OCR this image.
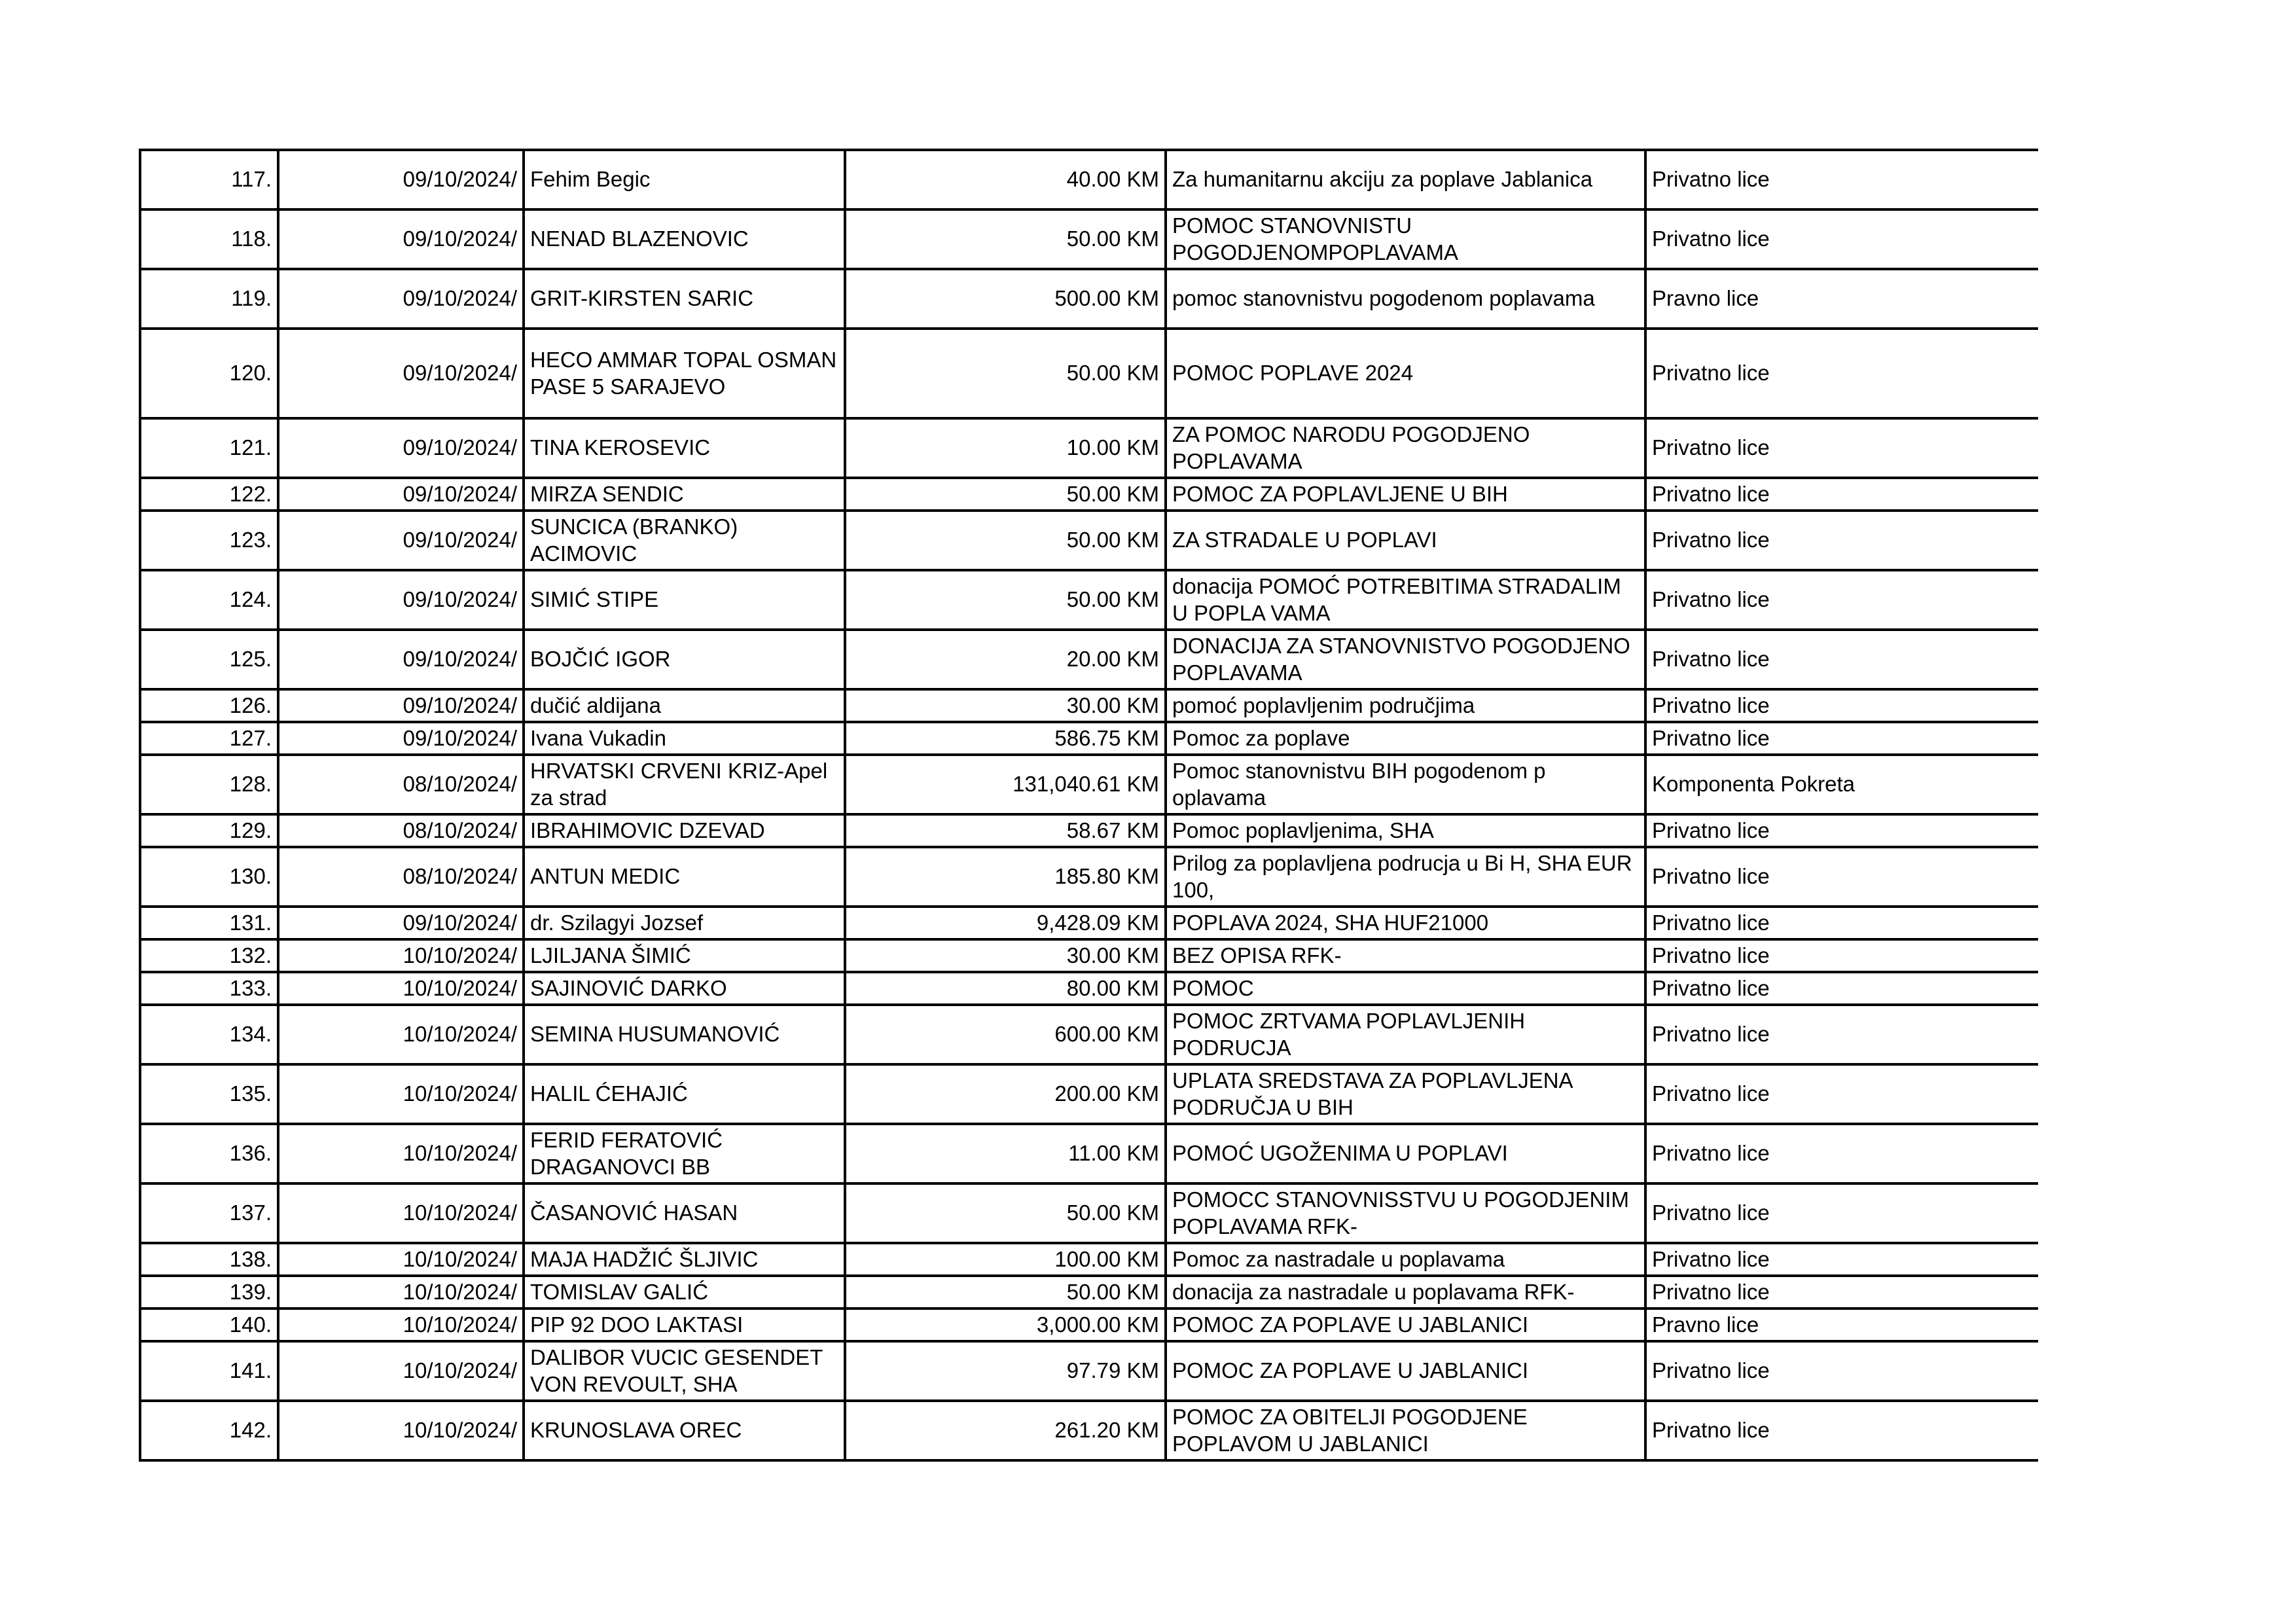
117.	09/10/2024/	Fehim Begic	40.00 KM	Za humanitarnu akciju za poplave Jablanica	Privatno lice
118.	09/10/2024/	NENAD BLAZENOVIC	50.00 KM	POMOC STANOVNISTU POGODJENOMPOPLAVAMA	Privatno lice
119.	09/10/2024/	GRIT-KIRSTEN SARIC	500.00 KM	pomoc stanovnistvu pogodenom poplavama	Pravno lice
120.	09/10/2024/	HECO AMMAR TOPAL OSMAN PASE 5 SARAJEVO	50.00 KM	POMOC POPLAVE 2024	Privatno lice
121.	09/10/2024/	TINA KEROSEVIC	10.00 KM	ZA POMOC NARODU POGODJENO POPLAVAMA	Privatno lice
122.	09/10/2024/	MIRZA SENDIC	50.00 KM	POMOC ZA POPLAVLJENE U BIH	Privatno lice
123.	09/10/2024/	SUNCICA (BRANKO) ACIMOVIC	50.00 KM	ZA STRADALE U POPLAVI	Privatno lice
124.	09/10/2024/	SIMIĆ STIPE	50.00 KM	donacija POMOĆ POTREBITIMA STRADALIM U POPLA VAMA	Privatno lice
125.	09/10/2024/	BOJČIĆ IGOR	20.00 KM	DONACIJA ZA STANOVNISTVO POGODJENO POPLAVAMA	Privatno lice
126.	09/10/2024/	dučić aldijana	30.00 KM	pomoć poplavljenim područjima	Privatno lice
127.	09/10/2024/	Ivana Vukadin	586.75 KM	Pomoc za poplave	Privatno lice
128.	08/10/2024/	HRVATSKI CRVENI KRIZ-Apel za strad	131,040.61 KM	Pomoc stanovnistvu BIH pogodenom p oplavama	Komponenta Pokreta
129.	08/10/2024/	IBRAHIMOVIC DZEVAD	58.67 KM	Pomoc poplavljenima, SHA	Privatno lice
130.	08/10/2024/	ANTUN MEDIC	185.80 KM	Prilog za poplavljena podrucja u Bi H, SHA EUR 100,	Privatno lice
131.	09/10/2024/	dr. Szilagyi Jozsef	9,428.09 KM	POPLAVA 2024, SHA HUF21000	Privatno lice
132.	10/10/2024/	LJILJANA ŠIMIĆ	30.00 KM	BEZ OPISA RFK-	Privatno lice
133.	10/10/2024/	SAJINOVIĆ DARKO	80.00 KM	POMOC	Privatno lice
134.	10/10/2024/	SEMINA HUSUMANOVIĆ	600.00 KM	POMOC ZRTVAMA POPLAVLJENIH PODRUCJA	Privatno lice
135.	10/10/2024/	HALIL ĆEHAJIĆ	200.00 KM	UPLATA SREDSTAVA ZA POPLAVLJENA PODRUČJA U BIH	Privatno lice
136.	10/10/2024/	FERID FERATOVIĆ DRAGANOVCI BB	11.00 KM	POMOĆ UGOŽENIMA U POPLAVI	Privatno lice
137.	10/10/2024/	ČASANOVIĆ HASAN	50.00 KM	POMOCC STANOVNISSTVU U POGODJENIM POPLAVAMA RFK-	Privatno lice
138.	10/10/2024/	MAJA HADŽIĆ ŠLJIVIC	100.00 KM	Pomoc za nastradale u poplavama	Privatno lice
139.	10/10/2024/	TOMISLAV GALIĆ	50.00 KM	donacija za nastradale u poplavama RFK-	Privatno lice
140.	10/10/2024/	PIP 92 DOO LAKTASI	3,000.00 KM	POMOC ZA POPLAVE U JABLANICI	Pravno lice
141.	10/10/2024/	DALIBOR VUCIC GESENDET VON REVOULT, SHA	97.79 KM	POMOC ZA POPLAVE U JABLANICI	Privatno lice
142.	10/10/2024/	KRUNOSLAVA OREC	261.20 KM	POMOC ZA OBITELJI POGODJENE POPLAVOM U JABLANICI	Privatno lice
